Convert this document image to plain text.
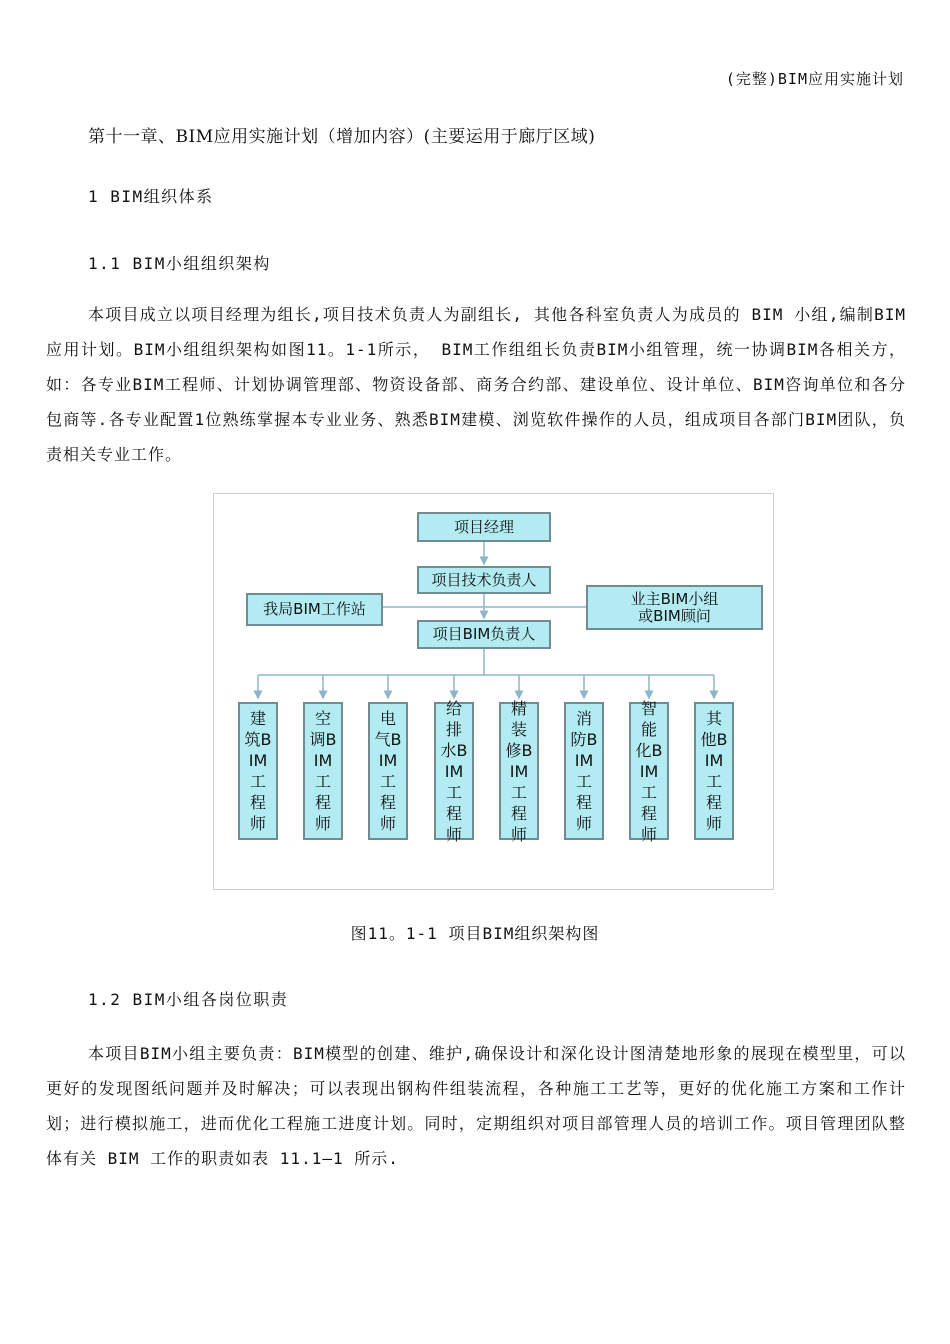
(完整)BIM应用实施计划
第十一章、BIM应用实施计划（增加内容）(主要运用于廊厅区域)
1 BIM组织体系
1.1 BIM小组组织架构

本项目成立以项目经理为组长,项目技术负责人为副组长, 其他各科室负责人为成员的 BIM 小组,编制BIM应用计划。BIM小组组织架构如图11。1-1所示， BIM工作组组长负责BIM小组管理，统一协调BIM各相关方，如：各专业BIM工程师、计划协调管理部、物资设备部、商务合约部、建设单位、设计单位、BIM咨询单位和各分包商等.各专业配置1位熟练掌握本专业业务、熟悉BIM建模、浏览软件操作的人员，组成项目各部门BIM团队，负责相关专业工作。

项目经理
项目技术负责人
我局BIM工作站
业主BIM小组
或BIM顾问
项目BIM负责人
建筑BIM工程师
空调BIM工程师
电气BIM工程师
给排水BIM工程师
精装修BIM工程师
消防BIM工程师
智能化BIM工程师
其他BIM工程师
图11。1-1 项目BIM组织架构图
1.2 BIM小组各岗位职责

本项目BIM小组主要负责：BIM模型的创建、维护,确保设计和深化设计图清楚地形象的展现在模型里，可以更好的发现图纸问题并及时解决；可以表现出钢构件组装流程，各种施工工艺等，更好的优化施工方案和工作计划；进行模拟施工，进而优化工程施工进度计划。同时，定期组织对项目部管理人员的培训工作。项目管理团队整体有关 BIM 工作的职责如表 11.1—1 所示.
